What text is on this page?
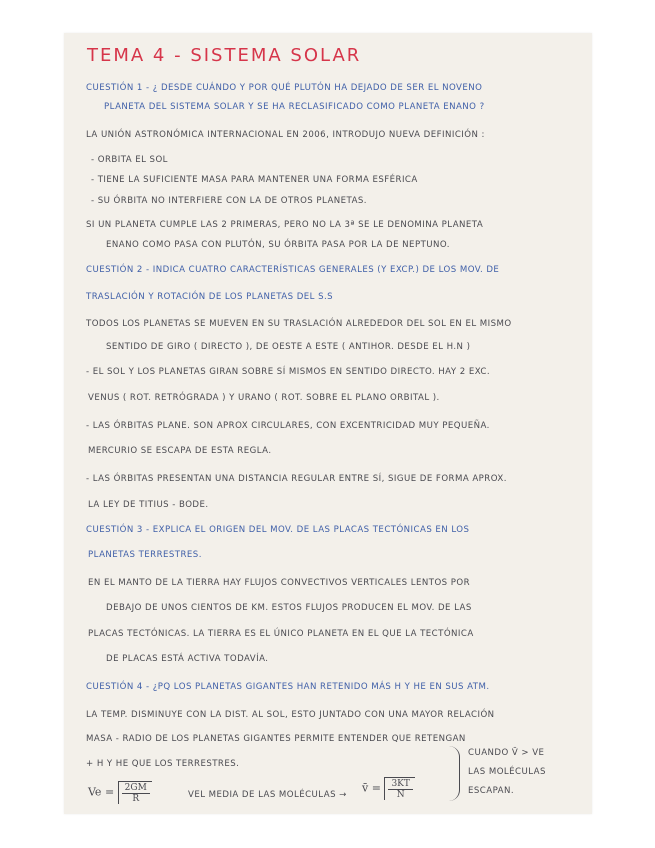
TEMA 4 - SISTEMA SOLAR
CUESTIÓN 1 - ¿ DESDE CUÁNDO Y POR QUÉ PLUTÓN HA DEJADO DE SER EL NOVENO
PLANETA DEL SISTEMA SOLAR Y SE HA RECLASIFICADO COMO PLANETA ENANO ?
LA UNIÓN ASTRONÓMICA INTERNACIONAL EN 2006, INTRODUJO NUEVA DEFINICIÓN :
- ORBITA EL SOL
- TIENE LA SUFICIENTE MASA PARA MANTENER UNA FORMA ESFÉRICA
- SU ÓRBITA NO INTERFIERE CON LA DE OTROS PLANETAS.
SI UN PLANETA CUMPLE LAS 2 PRIMERAS, PERO NO LA 3ª SE LE DENOMINA PLANETA
ENANO COMO PASA CON PLUTÓN, SU ÓRBITA PASA POR LA DE NEPTUNO.
CUESTIÓN 2 - INDICA CUATRO CARACTERÍSTICAS GENERALES (Y EXCP.) DE LOS MOV. DE
TRASLACIÓN Y ROTACIÓN DE LOS PLANETAS DEL S.S
TODOS LOS PLANETAS SE MUEVEN EN SU TRASLACIÓN ALREDEDOR DEL SOL EN EL MISMO
SENTIDO DE GIRO ( DIRECTO ), DE OESTE A ESTE ( ANTIHOR. DESDE EL H.N )
- EL SOL Y LOS PLANETAS GIRAN SOBRE SÍ MISMOS EN SENTIDO DIRECTO. HAY 2 EXC.
VENUS ( ROT. RETRÓGRADA ) Y URANO ( ROT. SOBRE EL PLANO ORBITAL ).
- LAS ÓRBITAS PLANE. SON APROX CIRCULARES, CON EXCENTRICIDAD MUY PEQUEÑA.
MERCURIO SE ESCAPA DE ESTA REGLA.
- LAS ÓRBITAS PRESENTAN UNA DISTANCIA REGULAR ENTRE SÍ, SIGUE DE FORMA APROX.
LA LEY DE TITIUS - BODE.
CUESTIÓN 3 - EXPLICA EL ORIGEN DEL MOV. DE LAS PLACAS TECTÓNICAS EN LOS
PLANETAS TERRESTRES.
EN EL MANTO DE LA TIERRA HAY FLUJOS CONVECTIVOS VERTICALES LENTOS POR
DEBAJO DE UNOS CIENTOS DE KM. ESTOS FLUJOS PRODUCEN EL MOV. DE LAS
PLACAS TECTÓNICAS. LA TIERRA ES EL ÚNICO PLANETA EN EL QUE LA TECTÓNICA
DE PLACAS ESTÁ ACTIVA TODAVÍA.
CUESTIÓN 4 - ¿PQ LOS PLANETAS GIGANTES HAN RETENIDO MÁS H Y HE EN SUS ATM.
LA TEMP. DISMINUYE CON LA DIST. AL SOL, ESTO JUNTADO CON UNA MAYOR RELACIÓN
MASA - RADIO DE LOS PLANETAS GIGANTES PERMITE ENTENDER QUE RETENGAN
+ H Y HE QUE LOS TERRESTRES.
$Ve = \frac{2GM}{R}$	VEL MEDIA DE LAS MOLÉCULAS →
v̄ = $\frac{3KT}{N}$
CUANDO V̄ > VE
LAS MOLÉCULAS
ESCAPAN.
